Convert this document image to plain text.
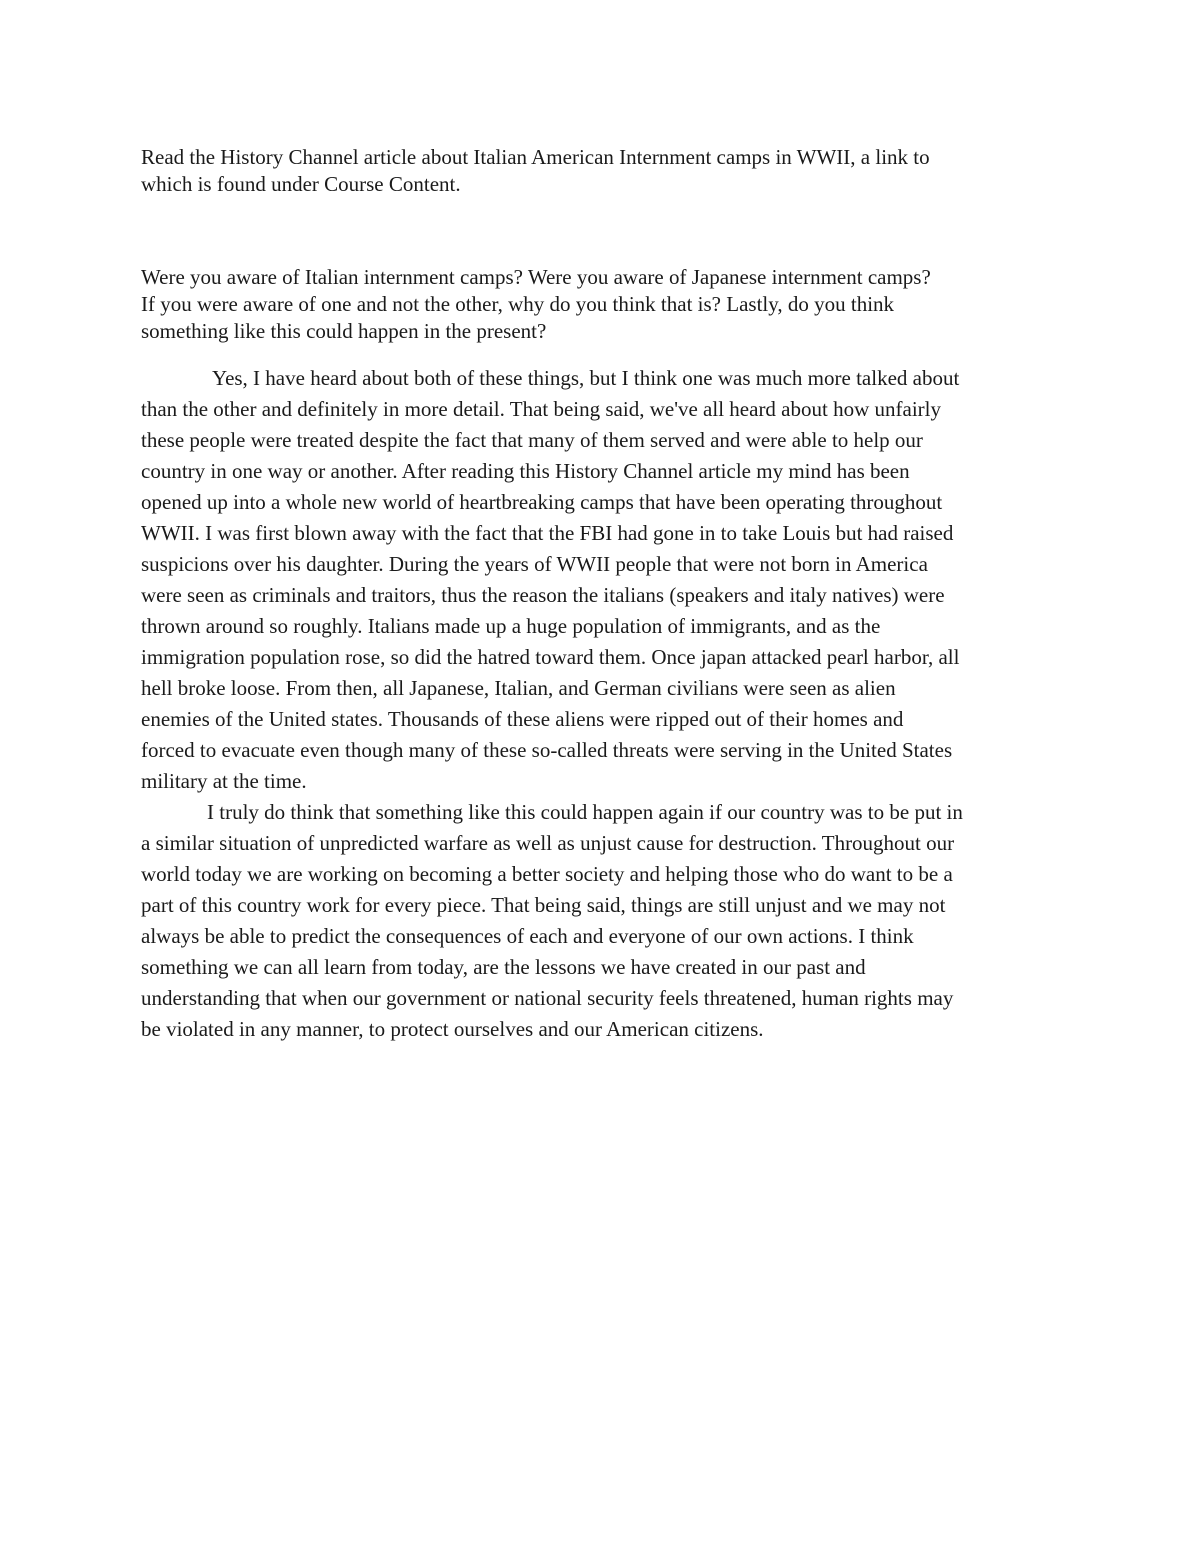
Read the History Channel article about Italian American Internment camps in WWII, a link to

which is found under Course Content.

Were you aware of Italian internment camps? Were you aware of Japanese internment camps?

If you were aware of one and not the other, why do you think that is? Lastly, do you think

something like this could happen in the present?

Yes, I have heard about both of these things, but I think one was much more talked about

than the other and definitely in more detail. That being said, we've all heard about how unfairly

these people were treated despite the fact that many of them served and were able to help our

country in one way or another. After reading this History Channel article my mind has been

opened up into a whole new world of heartbreaking camps that have been operating throughout

WWII. I was first blown away with the fact that the FBI had gone in to take Louis but had raised

suspicions over his daughter. During the years of WWII people that were not born in America

were seen as criminals and traitors, thus the reason the italians (speakers and italy natives) were

thrown around so roughly. Italians made up a huge population of immigrants, and as the

immigration population rose, so did the hatred toward them. Once japan attacked pearl harbor, all

hell broke loose. From then, all Japanese, Italian, and German civilians were seen as alien

enemies of the United states. Thousands of these aliens were ripped out of their homes and

forced to evacuate even though many of these so-called threats were serving in the United States

military at the time.

I truly do think that something like this could happen again if our country was to be put in

a similar situation of unpredicted warfare as well as unjust cause for destruction. Throughout our

world today we are working on becoming a better society and helping those who do want to be a

part of this country work for every piece. That being said, things are still unjust and we may not

always be able to predict the consequences of each and everyone of our own actions. I think

something we can all learn from today, are the lessons we have created in our past and

understanding that when our government or national security feels threatened, human rights may

be violated in any manner, to protect ourselves and our American citizens.
